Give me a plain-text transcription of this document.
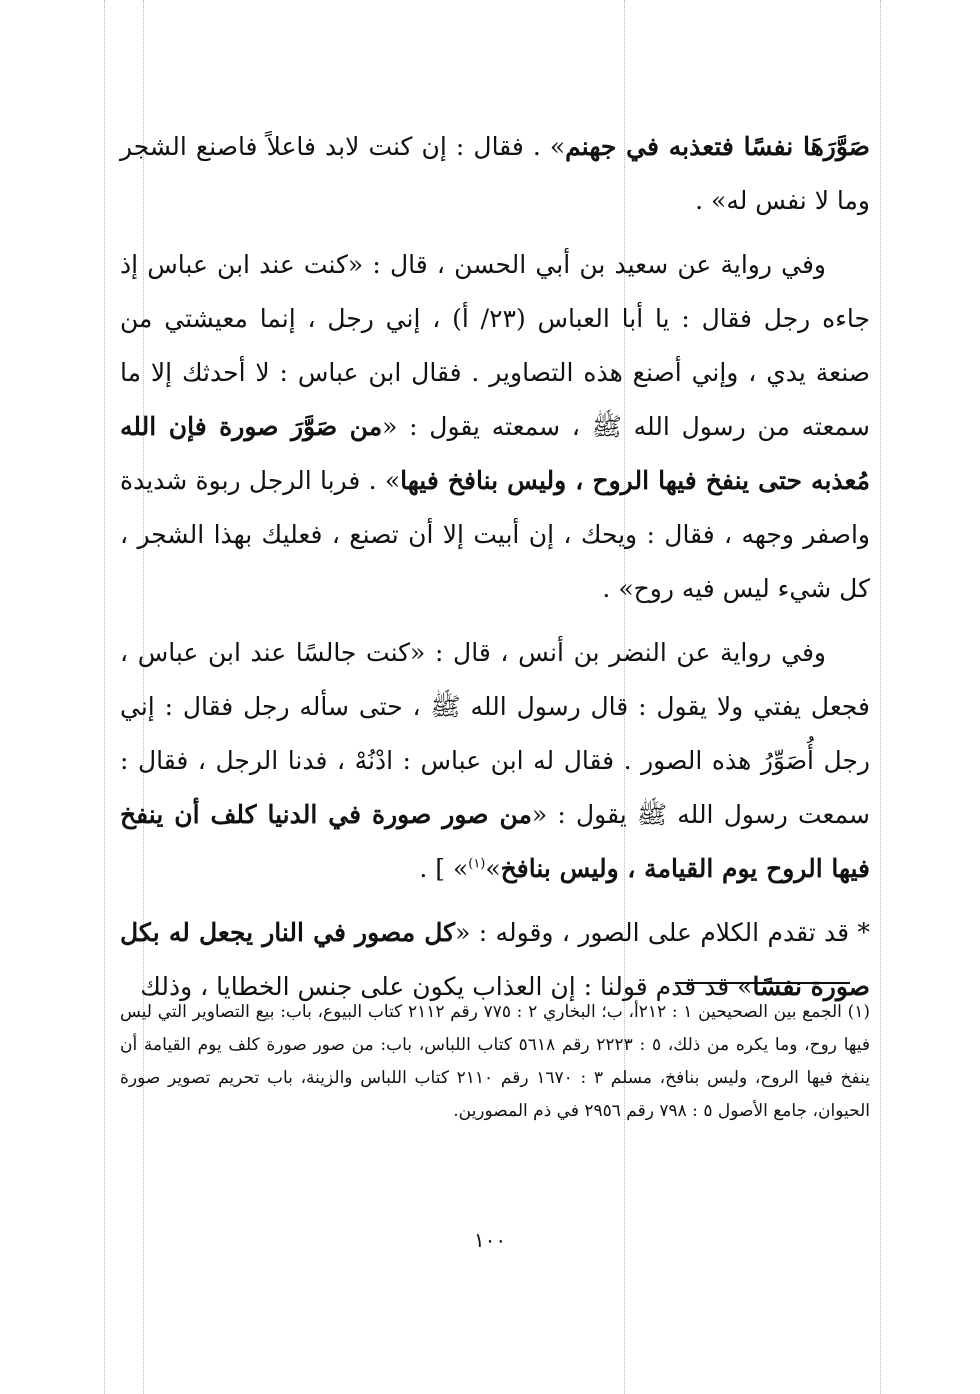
صَوَّرَهَا نفسًا فتعذبه في جهنم» . فقال : إن كنت لابد فاعلاً فاصنع الشجر وما لا نفس له» .

وفي رواية عن سعيد بن أبي الحسن ، قال : «كنت عند ابن عباس إذ جاءه رجل فقال : يا أبا العباس (٢٣/ أ) ، إني رجل ، إنما معيشتي من صنعة يدي ، وإني أصنع هذه التصاوير . فقال ابن عباس : لا أحدثك إلا ما سمعته من رسول الله ﷺ ، سمعته يقول : «من صَوَّرَ صورة فإن الله مُعذبه حتى ينفخ فيها الروح ، وليس بنافخ فيها» . فربا الرجل ربوة شديدة واصفر وجهه ، فقال : ويحك ، إن أبيت إلا أن تصنع ، فعليك بهذا الشجر ، كل شيء ليس فيه روح» .

وفي رواية عن النضر بن أنس ، قال : «كنت جالسًا عند ابن عباس ، فجعل يفتي ولا يقول : قال رسول الله ﷺ ، حتى سأله رجل فقال : إني رجل أُصَوِّرُ هذه الصور . فقال له ابن عباس : ادْنُهْ ، فدنا الرجل ، فقال : سمعت رسول الله ﷺ يقول : «من صور صورة في الدنيا كلف أن ينفخ فيها الروح يوم القيامة ، وليس بنافخ»$^{(١)}$» ] .

* قد تقدم الكلام على الصور ، وقوله : «كل مصور في النار يجعل له بكل صورة نفسًا» قد قدم قولنا : إن العذاب يكون على جنس الخطايا ، وذلك

(١) الجمع بين الصحيحين ١ : ٢١٢أ، ب؛ البخاري ٢ : ٧٧٥ رقم ٢١١٢ كتاب البيوع، باب: بيع التصاوير التي ليس فيها روح، وما يكره من ذلك، ٥ : ٢٢٢٣ رقم ٥٦١٨ كتاب اللباس، باب: من صور صورة كلف يوم القيامة أن ينفخ فيها الروح، وليس بنافخ، مسلم ٣ : ١٦٧٠ رقم ٢١١٠ كتاب اللباس والزينة، باب تحريم تصوير صورة الحيوان، جامع الأصول ٥ : ٧٩٨ رقم ٢٩٥٦ في ذم المصورين.

١٠٠
